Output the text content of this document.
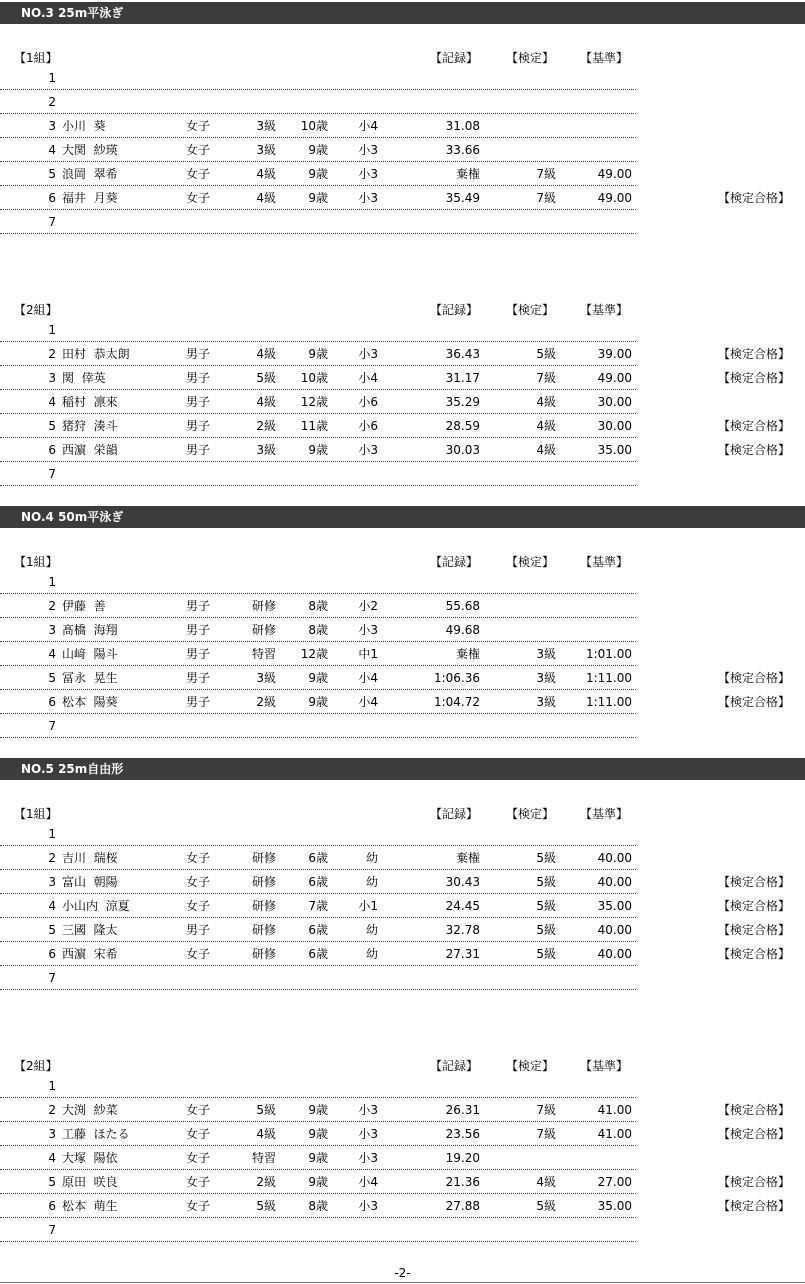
NO.3 25m平泳ぎ
【1組】	【記録】 【検定】 【基準】
1
2
3 小川  葵	女子	3級	10歳	小4	31.08
4 大関  紗瑛	女子	3級	9歳	小3	33.66
5 浪岡  翠希	女子	4級	9歳	小3	棄権	7級	49.00
6 福井  月葵	女子	4級	9歳	小3	35.49	7級	49.00	【検定合格】
7
【2組】	【記録】 【検定】 【基準】
1
2 田村  恭太朗	男子	4級	9歳	小3	36.43	5級	39.00	【検定合格】
3 関  倖英	男子	5級	10歳	小4	31.17	7級	49.00	【検定合格】
4 稲村  凛來	男子	4級	12歳	小6	35.29	4級	30.00
5 猪狩  湊斗	男子	2級	11歳	小6	28.59	4級	30.00	【検定合格】
6 西濵  栄韻	男子	3級	9歳	小3	30.03	4級	35.00	【検定合格】
7
NO.4 50m平泳ぎ
【1組】	【記録】 【検定】 【基準】
1
2 伊藤  善	男子	研修	8歳	小2	55.68
3 髙橋  海翔	男子	研修	8歳	小3	49.68
4 山﨑  陽斗	男子	特習	12歳	中1	棄権	3級	1:01.00
5 冨永  晃生	男子	3級	9歳	小4	1:06.36	3級	1:11.00	【検定合格】
6 松本  陽葵	男子	2級	9歳	小4	1:04.72	3級	1:11.00	【検定合格】
7
NO.5 25m自由形
【1組】	【記録】 【検定】 【基準】
1
2 吉川  瑞桜	女子	研修	6歳	幼	棄権	5級	40.00
3 富山  朝陽	女子	研修	6歳	幼	30.43	5級	40.00	【検定合格】
4 小山内  涼夏	女子	研修	7歳	小1	24.45	5級	35.00	【検定合格】
5 三國  隆太	男子	研修	6歳	幼	32.78	5級	40.00	【検定合格】
6 西濵  宋希	女子	研修	6歳	幼	27.31	5級	40.00	【検定合格】
7
【2組】	【記録】 【検定】 【基準】
1
2 大渕  紗菜	女子	5級	9歳	小3	26.31	7級	41.00	【検定合格】
3 工藤  ほたる	女子	4級	9歳	小3	23.56	7級	41.00	【検定合格】
4 大塚  陽依	女子	特習	9歳	小3	19.20
5 原田  咲良	女子	2級	9歳	小4	21.36	4級	27.00	【検定合格】
6 松本  萌生	女子	5級	8歳	小3	27.88	5級	35.00	【検定合格】
7
-2-
